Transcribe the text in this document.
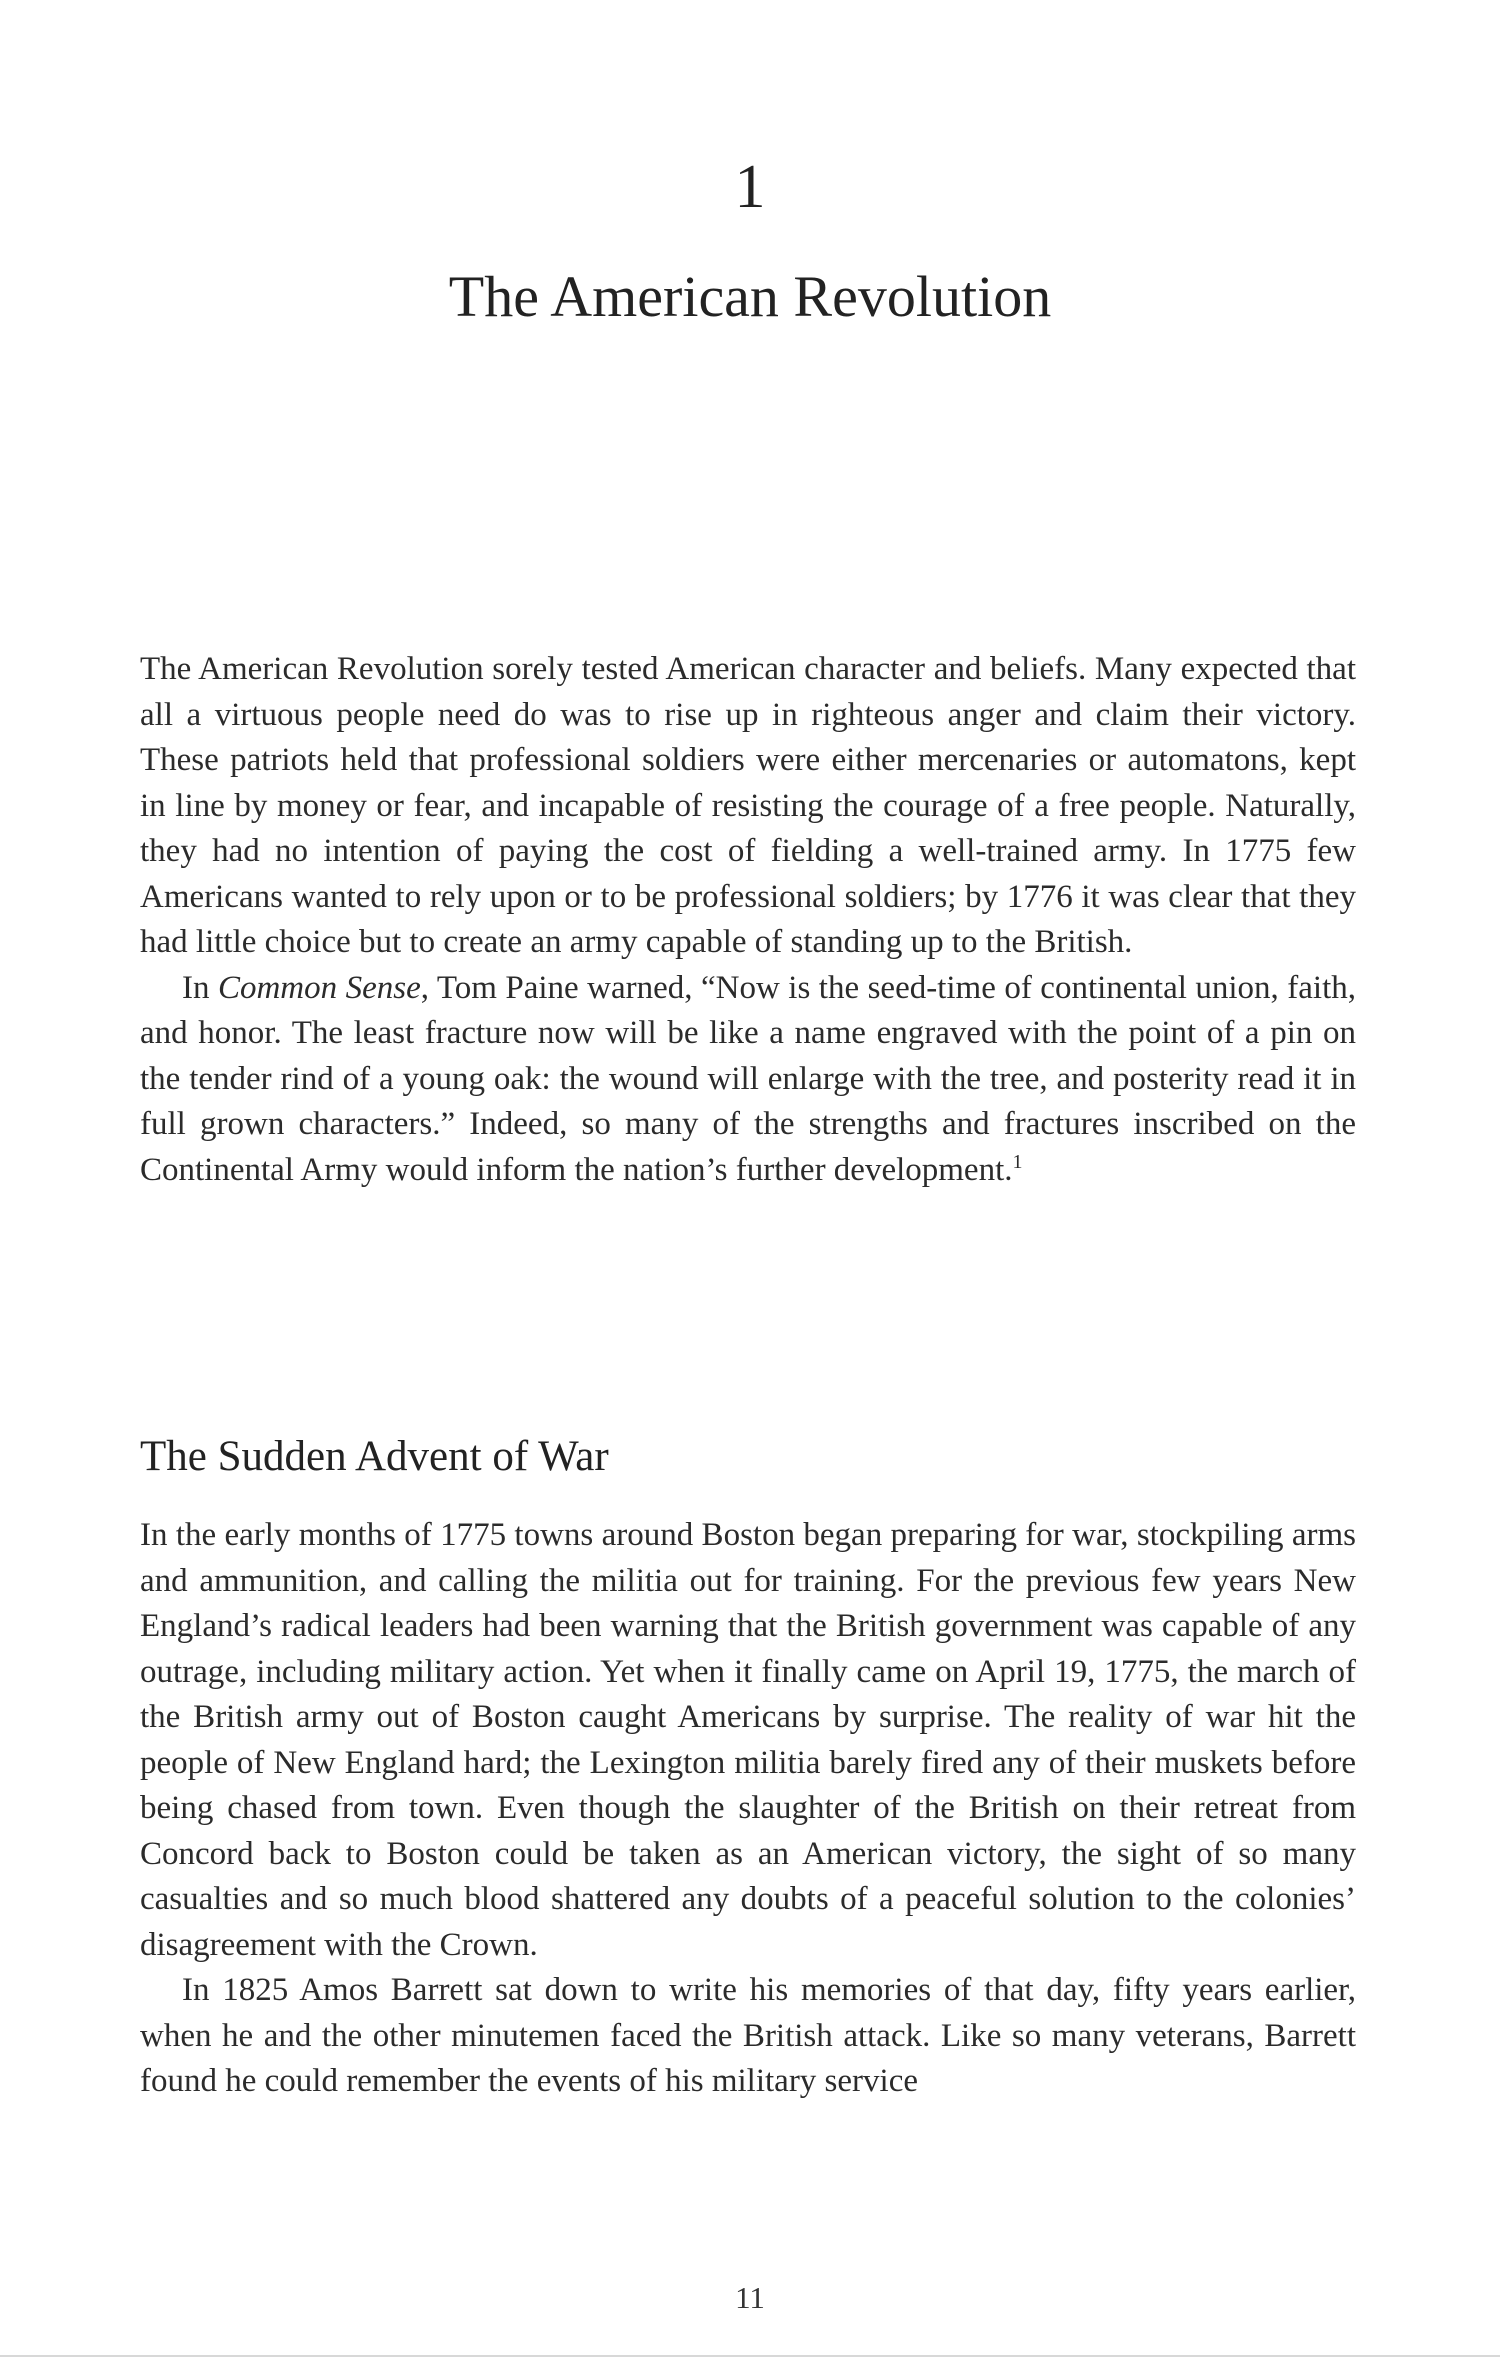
1
The American Revolution

The American Revolution sorely tested American character and beliefs. Many expected that all a virtuous people need do was to rise up in righteous anger and claim their victory. These patriots held that professional soldiers were either mercenaries or automatons, kept in line by money or fear, and incapable of resisting the courage of a free people. Naturally, they had no intention of paying the cost of fielding a well-trained army. In 1775 few Americans wanted to rely upon or to be professional soldiers; by 1776 it was clear that they had little choice but to create an army capable of standing up to the British.

In Common Sense, Tom Paine warned, “Now is the seed-time of continental union, faith, and honor. The least fracture now will be like a name engraved with the point of a pin on the tender rind of a young oak: the wound will enlarge with the tree, and posterity read it in full grown characters.” Indeed, so many of the strengths and fractures inscribed on the Continental Army would inform the nation’s further development.$^1$

The Sudden Advent of War

In the early months of 1775 towns around Boston began preparing for war, stockpiling arms and ammunition, and calling the militia out for training. For the previous few years New England’s radical leaders had been warning that the British government was capable of any outrage, including military action. Yet when it finally came on April 19, 1775, the march of the British army out of Boston caught Americans by surprise. The reality of war hit the people of New England hard; the Lexington militia barely fired any of their muskets before being chased from town. Even though the slaughter of the British on their retreat from Concord back to Boston could be taken as an American victory, the sight of so many casualties and so much blood shattered any doubts of a peaceful solution to the colonies’ disagreement with the Crown.

In 1825 Amos Barrett sat down to write his memories of that day, fifty years earlier, when he and the other minutemen faced the British attack. Like so many veterans, Barrett found he could remember the events of his military service

11
